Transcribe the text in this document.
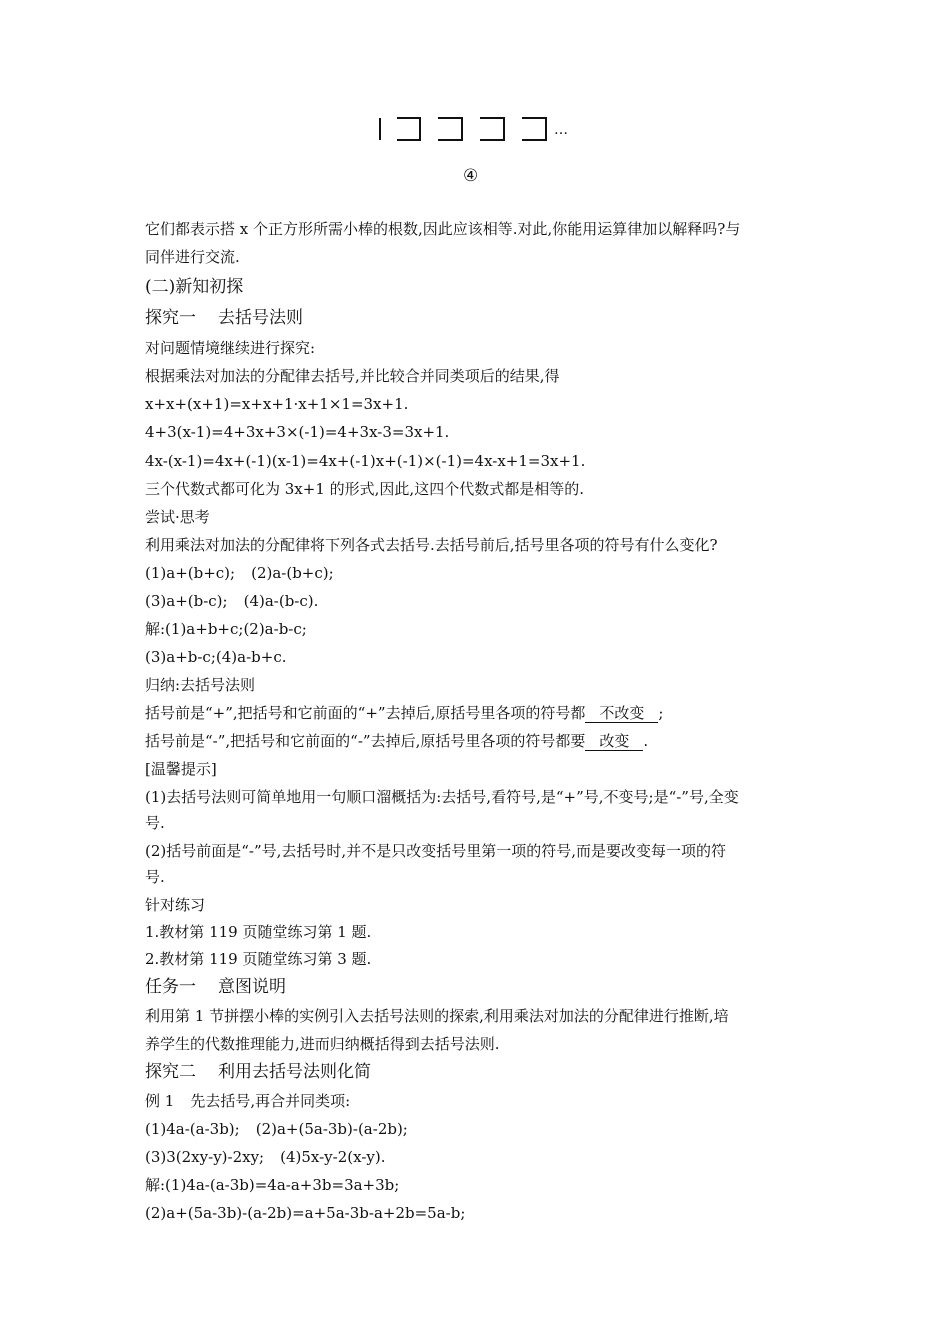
…
④
它们都表示搭 x 个正方形所需小棒的根数,因此应该相等.对此,你能用运算律加以解释吗?与
同伴进行交流.
(二)新知初探
探究一 去括号法则
对问题情境继续进行探究:
根据乘法对加法的分配律去括号,并比较合并同类项后的结果,得
x+x+(x+1)=x+x+1·x+1×1=3x+1.
4+3(x-1)=4+3x+3×(-1)=4+3x-3=3x+1.
4x-(x-1)=4x+(-1)(x-1)=4x+(-1)x+(-1)×(-1)=4x-x+1=3x+1.
三个代数式都可化为 3x+1 的形式,因此,这四个代数式都是相等的.
尝试·思考
利用乘法对加法的分配律将下列各式去括号.去括号前后,括号里各项的符号有什么变化?
(1)a+(b+c); (2)a-(b+c);
(3)a+(b-c); (4)a-(b-c).
解:(1)a+b+c;(2)a-b-c;
(3)a+b-c;(4)a-b+c.
归纳:去括号法则
括号前是“+”,把括号和它前面的“+”去掉后,原括号里各项的符号都 不改变 ;
括号前是“-”,把括号和它前面的“-”去掉后,原括号里各项的符号都要 改变 .
[温馨提示]
(1)去括号法则可简单地用一句顺口溜概括为:去括号,看符号,是“+”号,不变号;是“-”号,全变
号.
(2)括号前面是“-”号,去括号时,并不是只改变括号里第一项的符号,而是要改变每一项的符
号.
针对练习
1.教材第 119 页随堂练习第 1 题.
2.教材第 119 页随堂练习第 3 题.
任务一 意图说明
利用第 1 节拼摆小棒的实例引入去括号法则的探索,利用乘法对加法的分配律进行推断,培
养学生的代数推理能力,进而归纳概括得到去括号法则.
探究二 利用去括号法则化简
例 1 先去括号,再合并同类项:
(1)4a-(a-3b); (2)a+(5a-3b)-(a-2b);
(3)3(2xy-y)-2xy; (4)5x-y-2(x-y).
解:(1)4a-(a-3b)=4a-a+3b=3a+3b;
(2)a+(5a-3b)-(a-2b)=a+5a-3b-a+2b=5a-b;
